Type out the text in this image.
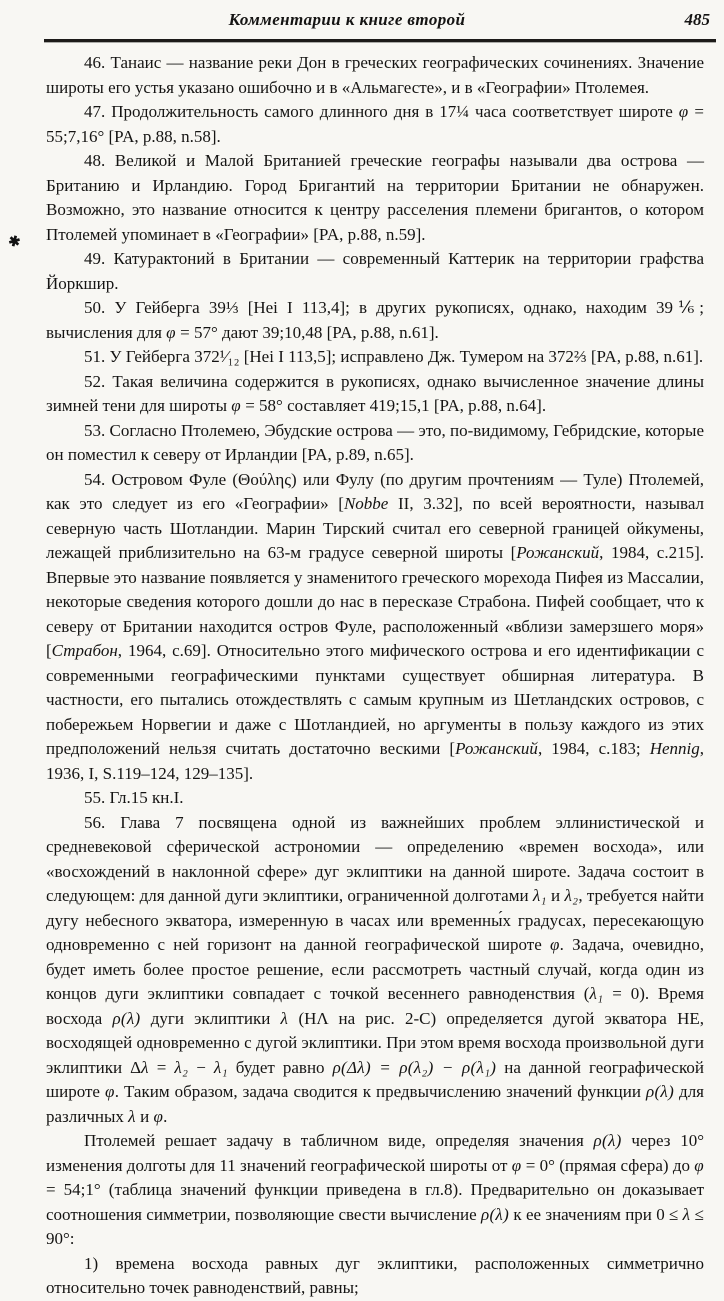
Комментарии к книге второй	485
✱

46. Танаис — название реки Дон в греческих географических сочинениях. Значение широты его устья указано ошибочно и в «Альмагесте», и в «Географии» Птолемея.

47. Продолжительность самого длинного дня в 17¼ часа соответствует широте φ = 55;7,16° [PA, p.88, n.58].

48. Великой и Малой Британией греческие географы называли два острова — Британию и Ирландию. Город Бригантий на территории Британии не обнаружен. Возможно, это название относится к центру расселения племени бригантов, о котором Птолемей упоминает в «Географии» [PA, p.88, n.59].

49. Катурактоний в Британии — современный Каттерик на территории графства Йоркшир.

50. У Гейберга 39⅓ [Hei I 113,4]; в других рукописях, однако, находим 39⅙; вычисления для φ = 57° дают 39;10,48 [PA, p.88, n.61].

51. У Гейберга 372¹⁄₁₂ [Hei I 113,5]; исправлено Дж. Тумером на 372⅔ [PA, p.88, n.61].

52. Такая величина содержится в рукописях, однако вычисленное значение длины зимней тени для широты φ = 58° составляет 419;15,1 [PA, p.88, n.64].

53. Согласно Птолемею, Эбудские острова — это, по-видимому, Гебридские, которые он поместил к северу от Ирландии [PA, p.89, n.65].

54. Островом Фуле (Θούλης) или Фулу (по другим прочтениям — Туле) Птолемей, как это следует из его «Географии» [Nobbe II, 3.32], по всей вероятности, называл северную часть Шотландии. Марин Тирский считал его северной границей ойкумены, лежащей приблизительно на 63-м градусе северной широты [Рожанский, 1984, с.215]. Впервые это название появляется у знаменитого греческого морехода Пифея из Массалии, некоторые сведения которого дошли до нас в пересказе Страбона. Пифей сообщает, что к северу от Британии находится остров Фуле, расположенный «вблизи замерзшего моря» [Страбон, 1964, с.69]. Относительно этого мифического острова и его идентификации с современными географическими пунктами существует обширная литература. В частности, его пытались отождествлять с самым крупным из Шетландских островов, с побережьем Норвегии и даже с Шотландией, но аргументы в пользу каждого из этих предположений нельзя считать достаточно вескими [Рожанский, 1984, с.183; Hennig, 1936, I, S.119–124, 129–135].

55. Гл.15 кн.I.

56. Глава 7 посвящена одной из важнейших проблем эллинистической и средневековой сферической астрономии — определению «времен восхода», или «восхождений в наклонной сфере» дуг эклиптики на данной широте. Задача состоит в следующем: для данной дуги эклиптики, ограниченной долготами λ₁ и λ₂, требуется найти дугу небесного экватора, измеренную в часах или временны́х градусах, пересекающую одновременно с ней горизонт на данной географической широте φ. Задача, очевидно, будет иметь более простое решение, если рассмотреть частный случай, когда один из концов дуги эклиптики совпадает с точкой весеннего равноденствия (λ₁ = 0). Время восхода ρ(λ) дуги эклиптики λ (НΛ на рис. 2-С) определяется дугой экватора НЕ, восходящей одновременно с дугой эклиптики. При этом время восхода произвольной дуги эклиптики Δλ = λ₂ − λ₁ будет равно ρ(Δλ) = ρ(λ₂) − ρ(λ₁) на данной географической широте φ. Таким образом, задача сводится к предвычислению значений функции ρ(λ) для различных λ и φ.

Птолемей решает задачу в табличном виде, определяя значения ρ(λ) через 10° изменения долготы для 11 значений географической широты от φ = 0° (прямая сфера) до φ = 54;1° (таблица значений функции приведена в гл.8). Предварительно он доказывает соотношения симметрии, позволяющие свести вычисление ρ(λ) к ее значениям при 0 ≤ λ ≤ 90°:

1) времена восхода равных дуг эклиптики, расположенных симметрично относительно точек равноденствий, равны;
